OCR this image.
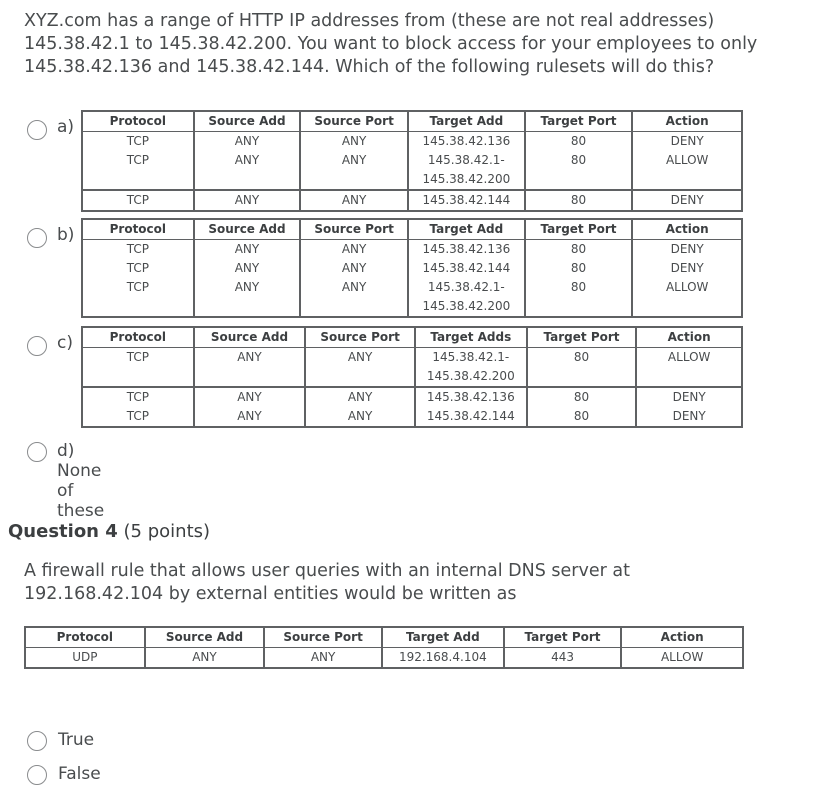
XYZ.com has a range of HTTP IP addresses from (these are not real addresses) 145.38.42.1 to 145.38.42.200. You want to block access for your employees to only 145.38.42.136 and 145.38.42.144. Which of the following rulesets will do this?
a)	Protocol	Source Add	Source Port	Target Add	Target Port	Action
TCP	ANY	ANY	145.38.42.136	80	DENY
TCP	ANY	ANY	145.38.42.1-	80	ALLOW
			145.38.42.200		
TCP	ANY	ANY	145.38.42.144	80	DENY
b)	Protocol	Source Add	Source Port	Target Add	Target Port	Action
TCP	ANY	ANY	145.38.42.136	80	DENY
TCP	ANY	ANY	145.38.42.144	80	DENY
TCP	ANY	ANY	145.38.42.1-	80	ALLOW
			145.38.42.200		
c)	Protocol	Source Add	Source Port	Target Adds	Target Port	Action
TCP	ANY	ANY	145.38.42.1-	80	ALLOW
			145.38.42.200		
TCP	ANY	ANY	145.38.42.136	80	DENY
TCP	ANY	ANY	145.38.42.144	80	DENY
d) None of these
Question 4 (5 points)
A firewall rule that allows user queries with an internal DNS server at 192.168.42.104 by external entities would be written as
Protocol	Source Add	Source Port	Target Add	Target Port	Action
UDP	ANY	ANY	192.168.4.104	443	ALLOW
True
False
